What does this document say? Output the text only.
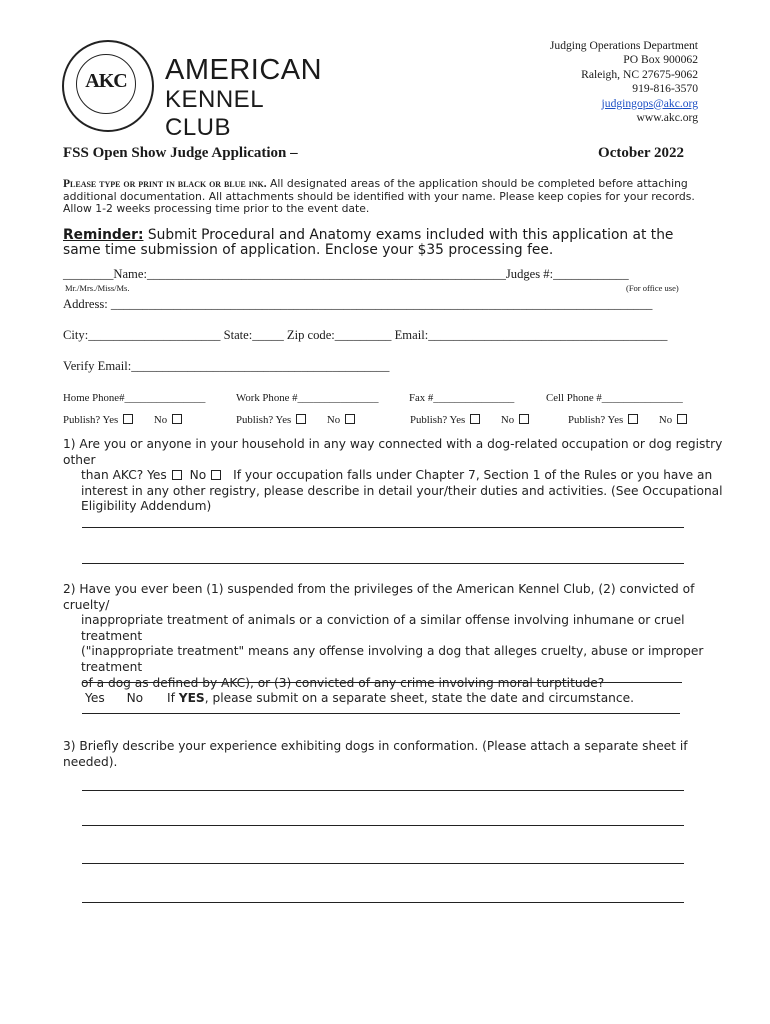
AKC	AMERICAN
KENNEL CLUB
Judging Operations Department
PO Box 900062
Raleigh, NC 27675-9062
919-816-3570
judgingops@akc.org
www.akc.org
FSS Open Show Judge Application –	October 2022
Please type or print in black or blue ink. All designated areas of the application should be completed before attaching additional documentation. All attachments should be identified with your name. Please keep copies for your records. Allow 1-2 weeks processing time prior to the event date.
Reminder: Submit Procedural and Anatomy exams included with this application at the same time submission of application. Enclose your $35 processing fee.
________Name:_________________________________________________________Judges #:____________
Mr./Mrs./Miss/Ms.	(For office use)
Address: ______________________________________________________________________________________
City:_____________________ State:_____ Zip code:_________ Email:______________________________________
Verify Email:_________________________________________
Home Phone#_______________	Work Phone #_______________	Fax #_______________	Cell Phone #_______________
Publish? Yes	No	Publish? Yes	No	Publish? Yes	No	Publish? Yes	No
1) Are you or anyone in your household in any way connected with a dog-related occupation or dog registry other
than AKC? Yes No If your occupation falls under Chapter 7, Section 1 of the Rules or you have an
interest in any other registry, please describe in detail your/their duties and activities. (See Occupational
Eligibility Addendum)
2) Have you ever been (1) suspended from the privileges of the American Kennel Club, (2) convicted of cruelty/
inappropriate treatment of animals or a conviction of a similar offense involving inhumane or cruel treatment
("inappropriate treatment" means any offense involving a dog that alleges cruelty, abuse or improper treatment
of a dog as defined by AKC), or (3) convicted of any crime involving moral turptitude?
Yes No If YES, please submit on a separate sheet, state the date and circumstance.
3) Briefly describe your experience exhibiting dogs in conformation. (Please attach a separate sheet if needed).
